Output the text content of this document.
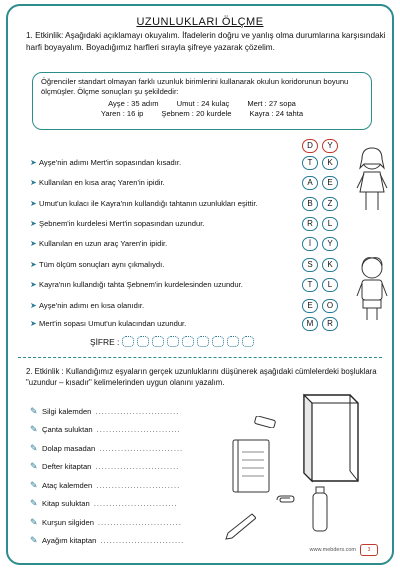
UZUNLUKLARI ÖLÇME
1. Etkinlik: Aşağıdaki açıklamayı okuyalım. İfadelerin doğru ve yanlış olma durumlarına karşısındaki harfi boyayalım. Boyadığımız harfleri sırayla şifreye yazarak çözelim.
Öğrenciler standart olmayan farklı uzunluk birimlerini kullanarak okulun koridorunun boyunu ölçmüşler. Ölçme sonuçları şu şekildedir:
Ayşe : 35 adım Umut : 24 kulaç Mert : 27 sopa
Yaren : 16 ip Şebnem : 20 kurdele Kayra : 24 tahta
D	Y
➤ Ayşe'nin adımı Mert'in sopasından kısadır.	T	K
➤ Kullanılan en kısa araç Yaren'in ipidir.	A	E
➤ Umut'un kulacı ile Kayra'nın kullandığı tahtanın uzunlukları eşittir.	B	Z
➤ Şebnem'in kurdelesi Mert'in sopasından uzundur.	R	L
➤ Kullanılan en uzun araç Yaren'in ipidir.	İ	Y
➤ Tüm ölçüm sonuçları aynı çıkmalıydı.	S	K
➤ Kayra'nın kullandığı tahta Şebnem'in kurdelesinden uzundur.	T	L
➤ Ayşe'nin adımı en kısa olanıdır.	E	O
➤ Mert'in sopası Umut'un kulacından uzundur.	M	R
ŞİFRE :
2. Etkinlik : Kullandığımız eşyaların gerçek uzunluklarını düşünerek aşağıdaki cümlelerdeki boşluklara "uzundur – kısadır" kelimelerinden uygun olanını yazalım.
✎ Silgi kalemden ...........................
✎ Çanta suluktan ...........................
✎ Dolap masadan ...........................
✎ Defter kitaptan ...........................
✎ Ataç kalemden ...........................
✎ Kitap suluktan ...........................
✎ Kurşun silgiden ...........................
✎ Ayağım kitaptan ...........................
www.mebders.com	3
